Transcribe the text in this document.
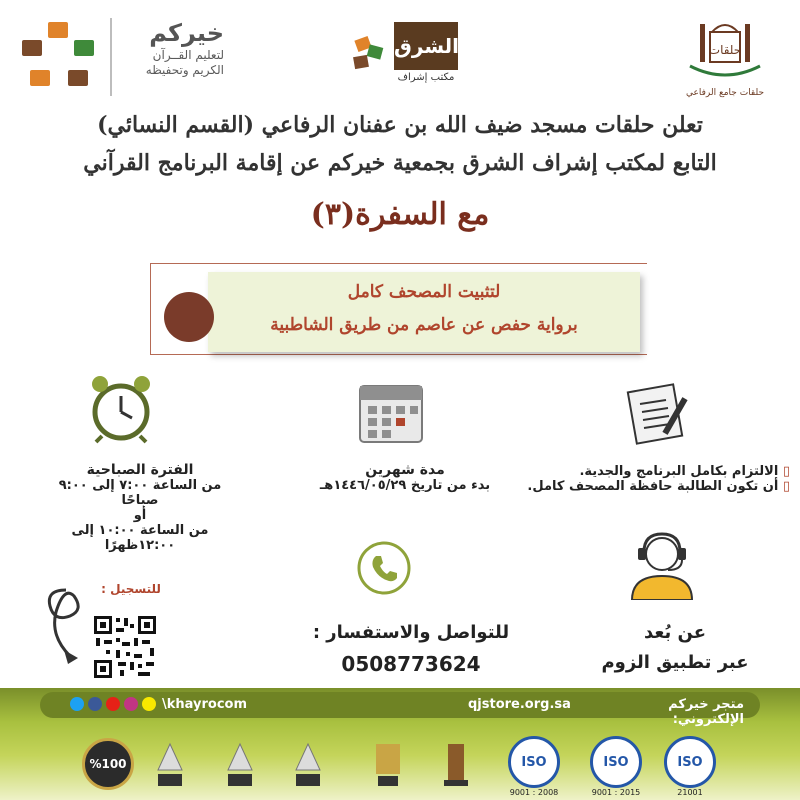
حلقات
حلقات جامع الرفاعي
الشرق
مكتب إشراف
خيركم
لتعليم القــرآن
الكريم وتحفيظه
تعلن حلقات مسجد ضيف الله بن عفنان الرفاعي (القسم النسائي)
التابع لمكتب إشراف الشرق بجمعية خيركم عن إقامة البرنامج القرآني
مع السفرة(٣)
لتثبيت المصحف كامل
برواية حفص عن عاصم من طريق الشاطبية
الفترة الصباحية
من الساعة ٧:٠٠ إلى ٩:٠٠ صباحًا
أو
من الساعة ١٠:٠٠ إلى ١٢:٠٠ظهرًا
مدة شهرين
بدء من تاريخ ١٤٤٦/٠٥/٢٩هـ
▯ الالتزام بكامل البرنامج والجدية.
▯ أن تكون الطالبة حافظة المصحف كامل.
للتسجيل :
للتواصل والاستفسار :
0508773624
عن بُعد
عبر تطبيق الزوم
\khayrocom	qjstore.org.sa	متجر خيركم الإلكتروني:
ISO
21001
ISO
9001 : 2015
ISO
9001 : 2008
%100
